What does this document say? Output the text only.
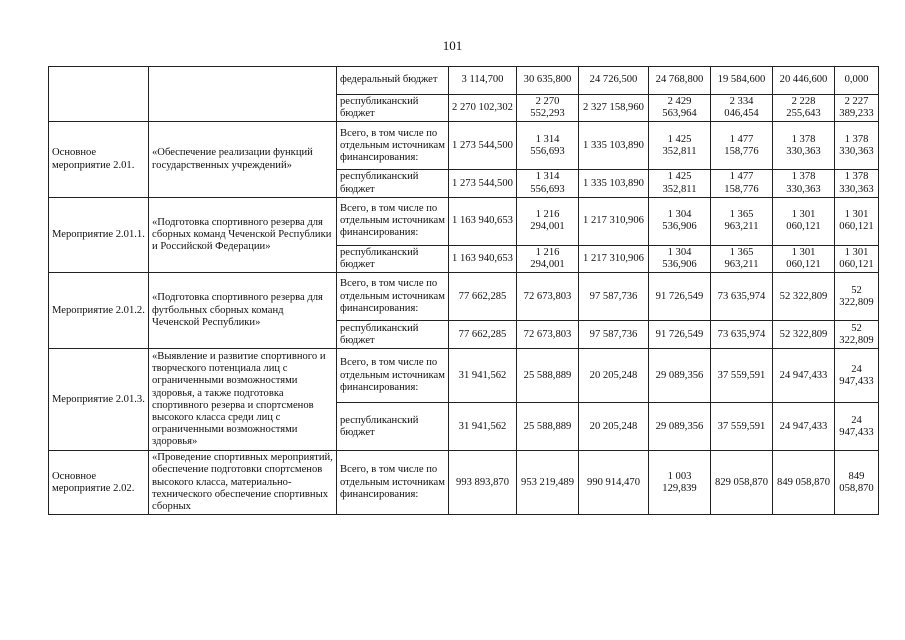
101
		федеральный бюджет	3 114,700	30 635,800	24 726,500	24 768,800	19 584,600	20 446,600	0,000
		республиканский бюджет	2 270 102,302	2 270 552,293	2 327 158,960	2 429 563,964	2 334 046,454	2 228 255,643	2 227 389,233
Основное мероприятие 2.01.	«Обеспечение реализации функций государственных учреждений»	Всего, в том числе по отдельным источникам финансирования:	1 273 544,500	1 314 556,693	1 335 103,890	1 425 352,811	1 477 158,776	1 378 330,363	1 378 330,363
		республиканский бюджет	1 273 544,500	1 314 556,693	1 335 103,890	1 425 352,811	1 477 158,776	1 378 330,363	1 378 330,363
Мероприятие 2.01.1.	«Подготовка спортивного резерва для сборных команд Чеченской Республики и Российской Федерации»	Всего, в том числе по отдельным источникам финансирования:	1 163 940,653	1 216 294,001	1 217 310,906	1 304 536,906	1 365 963,211	1 301 060,121	1 301 060,121
		республиканский бюджет	1 163 940,653	1 216 294,001	1 217 310,906	1 304 536,906	1 365 963,211	1 301 060,121	1 301 060,121
Мероприятие 2.01.2.	«Подготовка спортивного резерва для футбольных сборных команд Чеченской Республики»	Всего, в том числе по отдельным источникам финансирования:	77 662,285	72 673,803	97 587,736	91 726,549	73 635,974	52 322,809	52 322,809
		республиканский бюджет	77 662,285	72 673,803	97 587,736	91 726,549	73 635,974	52 322,809	52 322,809
Мероприятие 2.01.3.	«Выявление и развитие спортивного и творческого потенциала лиц с ограниченными возможностями здоровья, а также подготовка спортивного резерва и спортсменов высокого класса среди лиц с ограниченными возможностями здоровья»	Всего, в том числе по отдельным источникам финансирования:	31 941,562	25 588,889	20 205,248	29 089,356	37 559,591	24 947,433	24 947,433
		республиканский бюджет	31 941,562	25 588,889	20 205,248	29 089,356	37 559,591	24 947,433	24 947,433
Основное мероприятие 2.02.	«Проведение спортивных мероприятий, обеспечение подготовки спортсменов высокого класса, материально-технического обеспечение спортивных сборных	Всего, в том числе по отдельным источникам финансирования:	993 893,870	953 219,489	990 914,470	1 003 129,839	829 058,870	849 058,870	849 058,870
